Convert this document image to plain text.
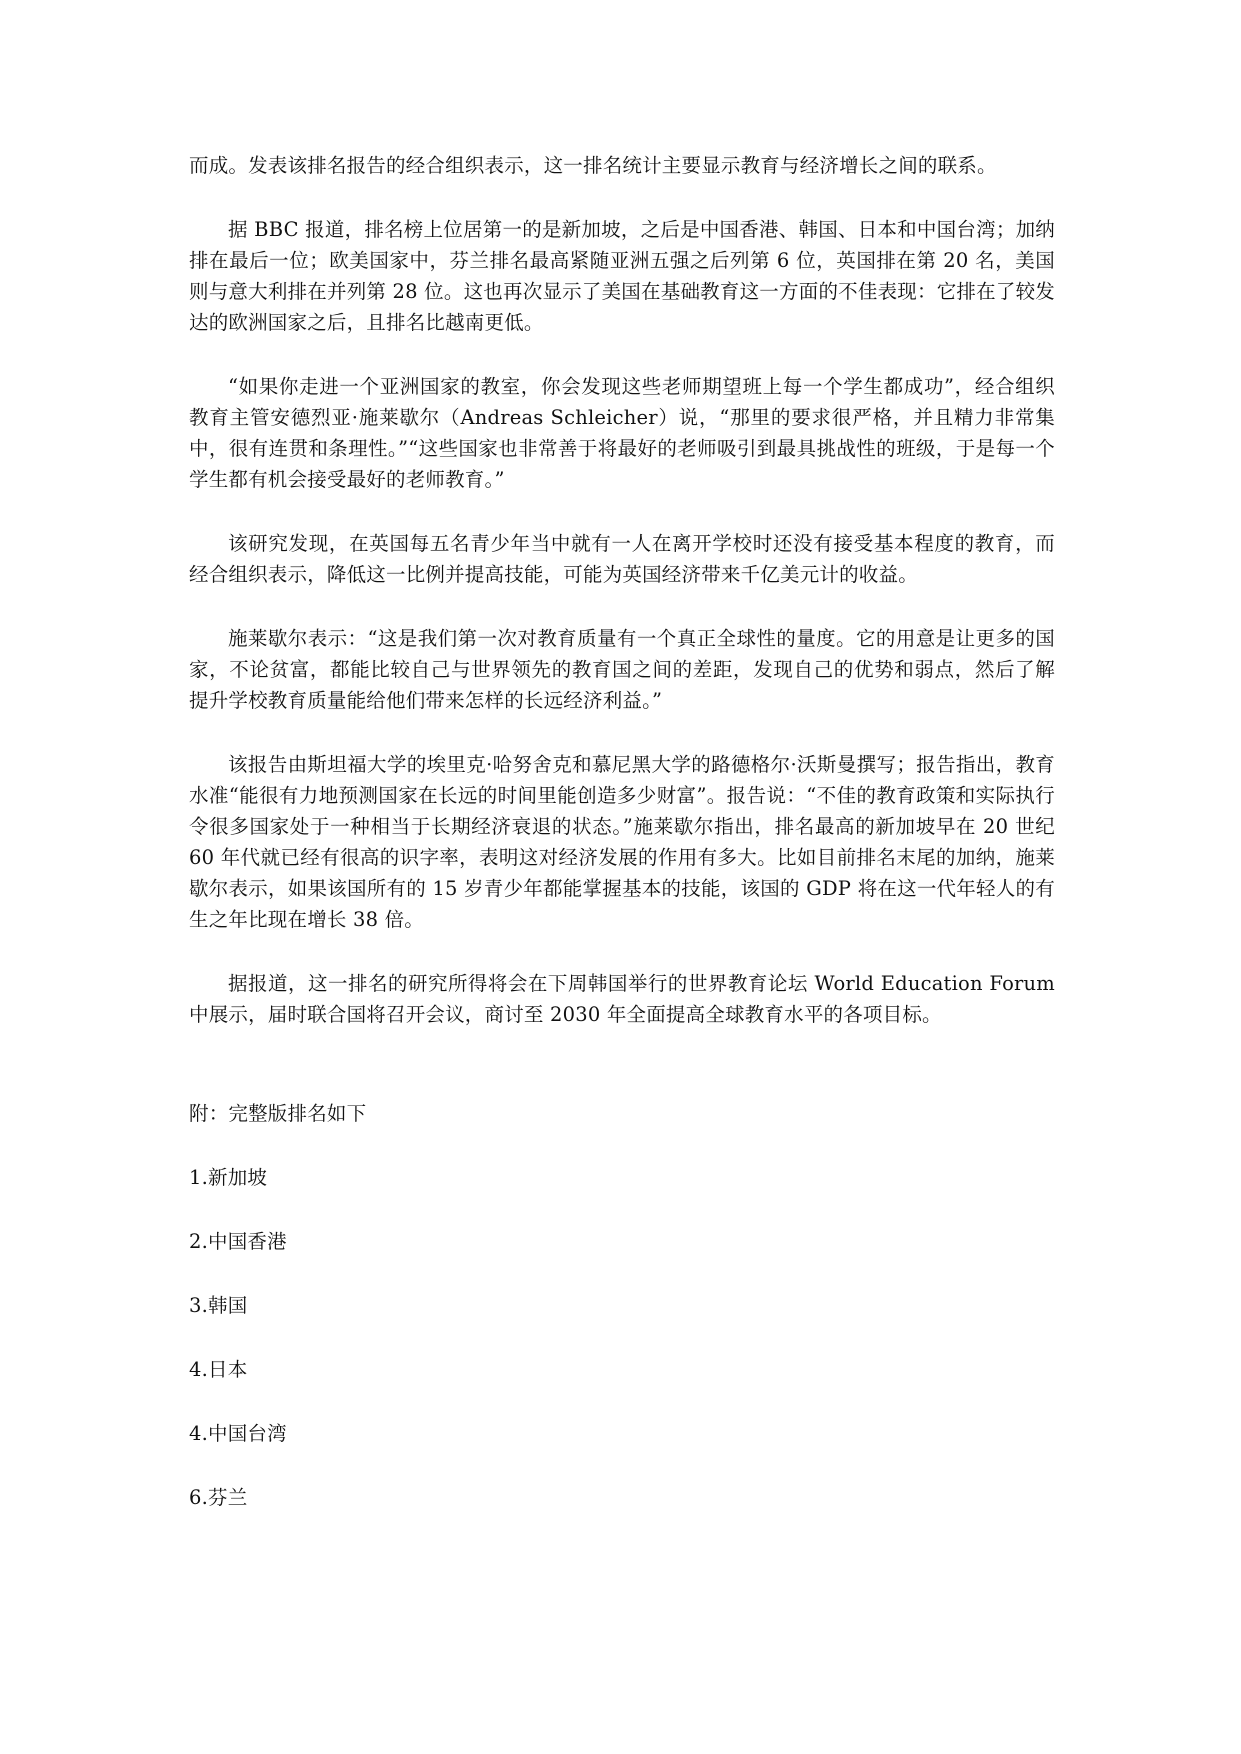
而成。发表该排名报告的经合组织表示，这一排名统计主要显示教育与经济增长之间的联系。

据 BBC 报道，排名榜上位居第一的是新加坡，之后是中国香港、韩国、日本和中国台湾；加纳排在最后一位；欧美国家中，芬兰排名最高紧随亚洲五强之后列第 6 位，英国排在第 20 名，美国则与意大利排在并列第 28 位。这也再次显示了美国在基础教育这一方面的不佳表现：它排在了较发达的欧洲国家之后，且排名比越南更低。

“如果你走进一个亚洲国家的教室，你会发现这些老师期望班上每一个学生都成功”，经合组织教育主管安德烈亚·施莱歇尔（Andreas Schleicher）说，“那里的要求很严格，并且精力非常集中，很有连贯和条理性。”“这些国家也非常善于将最好的老师吸引到最具挑战性的班级，于是每一个学生都有机会接受最好的老师教育。”

该研究发现，在英国每五名青少年当中就有一人在离开学校时还没有接受基本程度的教育，而经合组织表示，降低这一比例并提高技能，可能为英国经济带来千亿美元计的收益。

施莱歇尔表示：“这是我们第一次对教育质量有一个真正全球性的量度。它的用意是让更多的国家，不论贫富，都能比较自己与世界领先的教育国之间的差距，发现自己的优势和弱点，然后了解提升学校教育质量能给他们带来怎样的长远经济利益。”

该报告由斯坦福大学的埃里克·哈努舍克和慕尼黑大学的路德格尔·沃斯曼撰写；报告指出，教育水准“能很有力地预测国家在长远的时间里能创造多少财富”。报告说：“不佳的教育政策和实际执行令很多国家处于一种相当于长期经济衰退的状态。”施莱歇尔指出，排名最高的新加坡早在 20 世纪 60 年代就已经有很高的识字率，表明这对经济发展的作用有多大。比如目前排名末尾的加纳，施莱歇尔表示，如果该国所有的 15 岁青少年都能掌握基本的技能，该国的 GDP 将在这一代年轻人的有生之年比现在增长 38 倍。

据报道，这一排名的研究所得将会在下周韩国举行的世界教育论坛 World Education Forum 中展示，届时联合国将召开会议，商讨至 2030 年全面提高全球教育水平的各项目标。

附：完整版排名如下

1.新加坡
2.中国香港
3.韩国
4.日本
4.中国台湾
6.芬兰
